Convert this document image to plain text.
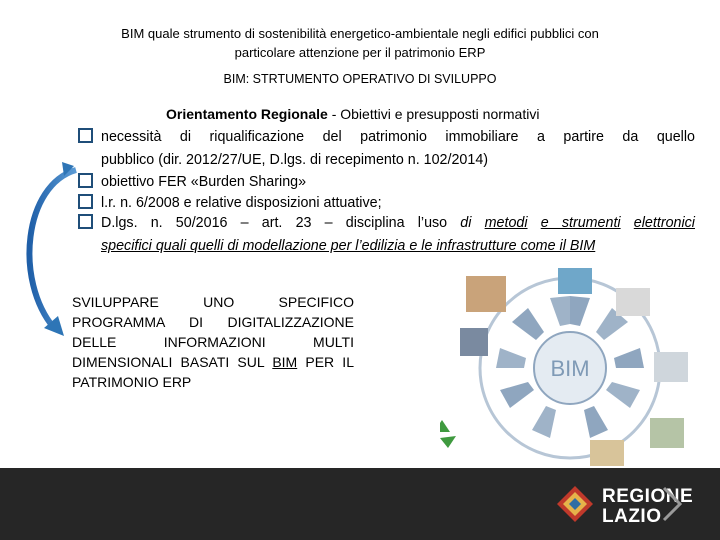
BIM quale strumento di sostenibilità energetico-ambientale negli edifici pubblici con
particolare attenzione per il patrimonio ERP
BIM: STRTUMENTO OPERATIVO DI SVILUPPO
Orientamento Regionale - Obiettivi e presupposti normativi
necessità di riqualificazione del patrimonio immobiliare a partire da quello
pubblico (dir. 2012/27/UE, D.lgs. di recepimento n. 102/2014)
obiettivo FER «Burden Sharing»
l.r. n. 6/2008 e relative disposizioni attuative;
D.lgs. n. 50/2016 – art. 23 – disciplina l’uso di metodi e strumenti elettronici
specifici quali quelli di modellazione per l’edilizia e le infrastrutture come il BIM
SVILUPPARE UNO SPECIFICO PROGRAMMA DI DIGITALIZZAZIONE DELLE INFORMAZIONI MULTI DIMENSIONALI BASATI SUL BIM PER IL PATRIMONIO ERP
BIM
REGIONE
LAZIO
